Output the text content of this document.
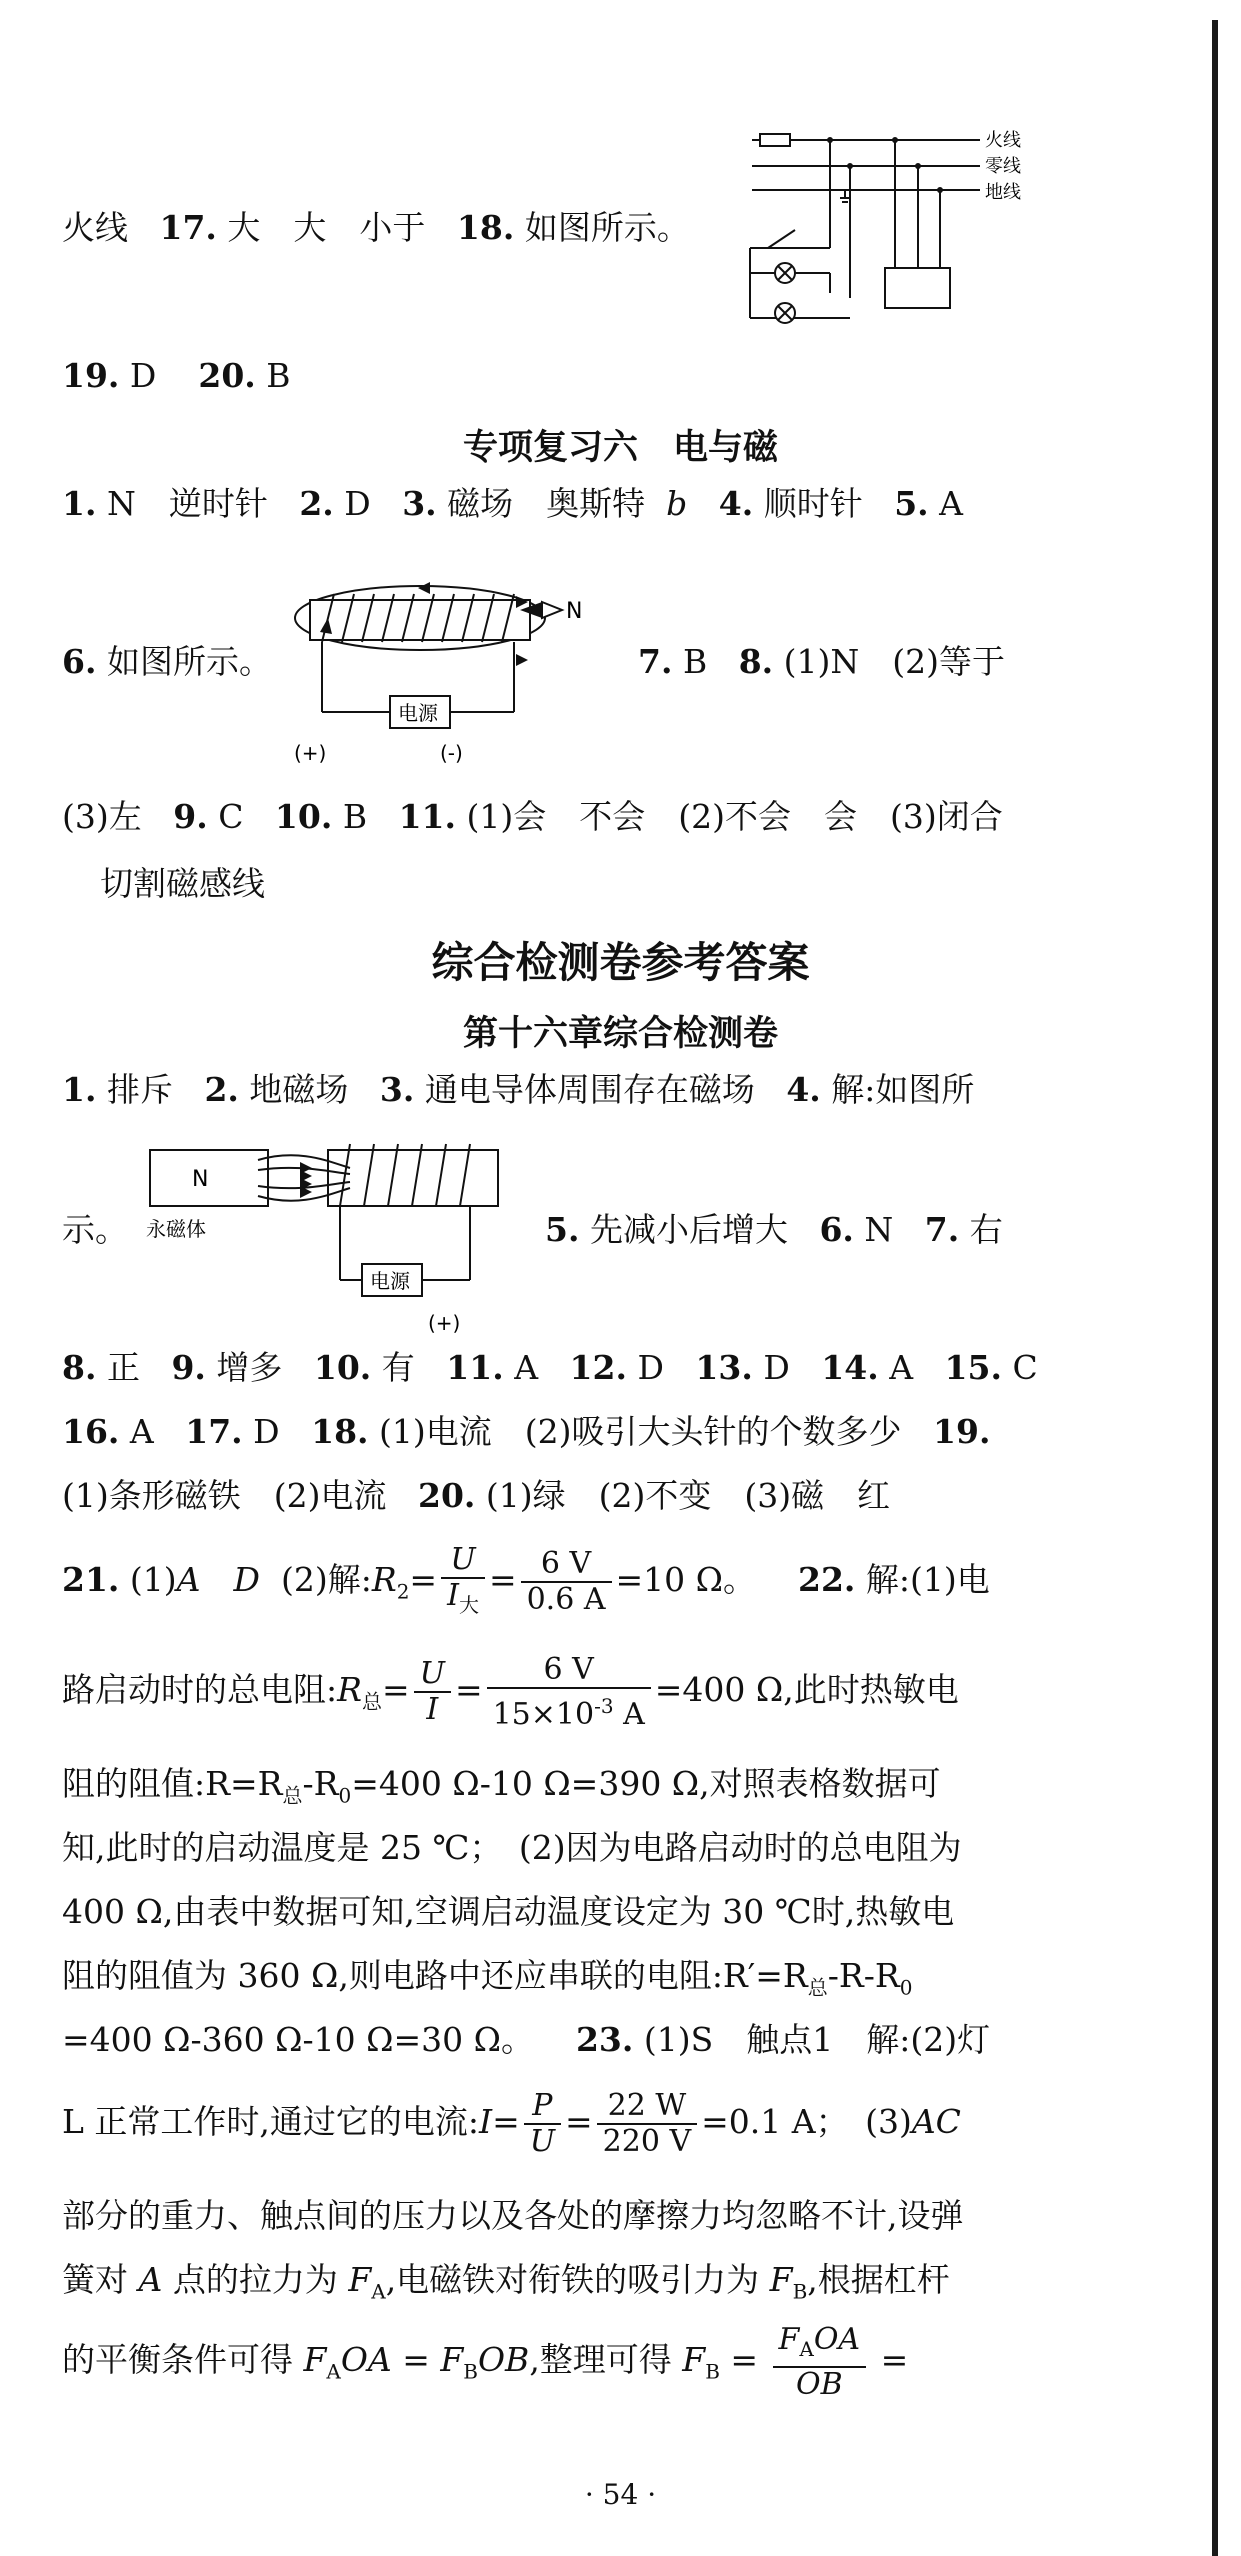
火线 17. 大　大　小于 18. 如图所示。
火线
零线
地线
19. D 20. B
专项复习六　电与磁
1. N　逆时针 2. D 3. 磁场　奥斯特 b 4. 顺时针 5. A
N
电源
(+)	(-)
6. 如图所示。	7. B 8. (1)N　(2)等于
(3)左 9. C 10. B 11. (1)会　不会　(2)不会　会　(3)闭合
切割磁感线
综合检测卷参考答案
第十六章综合检测卷
1. 排斥 2. 地磁场 3. 通电导体周围存在磁场 4. 解:如图所
N
永磁体
电源
(+)
示。	5. 先减小后增大 6. N 7. 右
8. 正 9. 增多 10. 有 11. A 12. D 13. D 14. A 15. C
16. A 17. D 18. (1)电流　(2)吸引大头针的个数多少 19.
(1)条形磁铁　(2)电流 20. (1)绿　(2)不变　(3)磁　红
21. (1)A　D (2)解$:R_2=$
U
$I_大$
= $\frac{6 V}{0.6 A} =10$ Ω。 22. 解:(1)电
路启动时的总电阻$:R_总= \frac{U}{I} = \frac{6 V}{15\times 10^{-3} A} =400$ Ω,此时热敏电
阻的阻值$:R=R_总-R_0=400$ Ω-10 Ω=390 Ω,对照表格数据可
知,此时的启动温度是 25 ℃；　(2)因为电路启动时的总电阻为
400 Ω,由表中数据可知,空调启动温度设定为 30 ℃时,热敏电
阻的阻值为 360 Ω,则电路中还应串联的电阻$:R'=R_总-R-R_0$
=400 Ω-360 Ω-10 Ω=30 Ω。 23. (1)S　触点1　解:(2)灯
L 正常工作时,通过它的电流:I= $\frac{P}{U} = \frac{22 W}{220 V} =0.1$ A；　(3)AC
部分的重力、触点间的压力以及各处的摩擦力均忽略不计,设弹
簧对 A 点的拉力为 $F_A$,电磁铁对衔铁的吸引力为 $F_B$,根据杠杆
的平衡条件可得 $F_AOA = F_BOB$,整理可得 $F_B$ =
$F_AOA$
OB
=
· 54 ·
